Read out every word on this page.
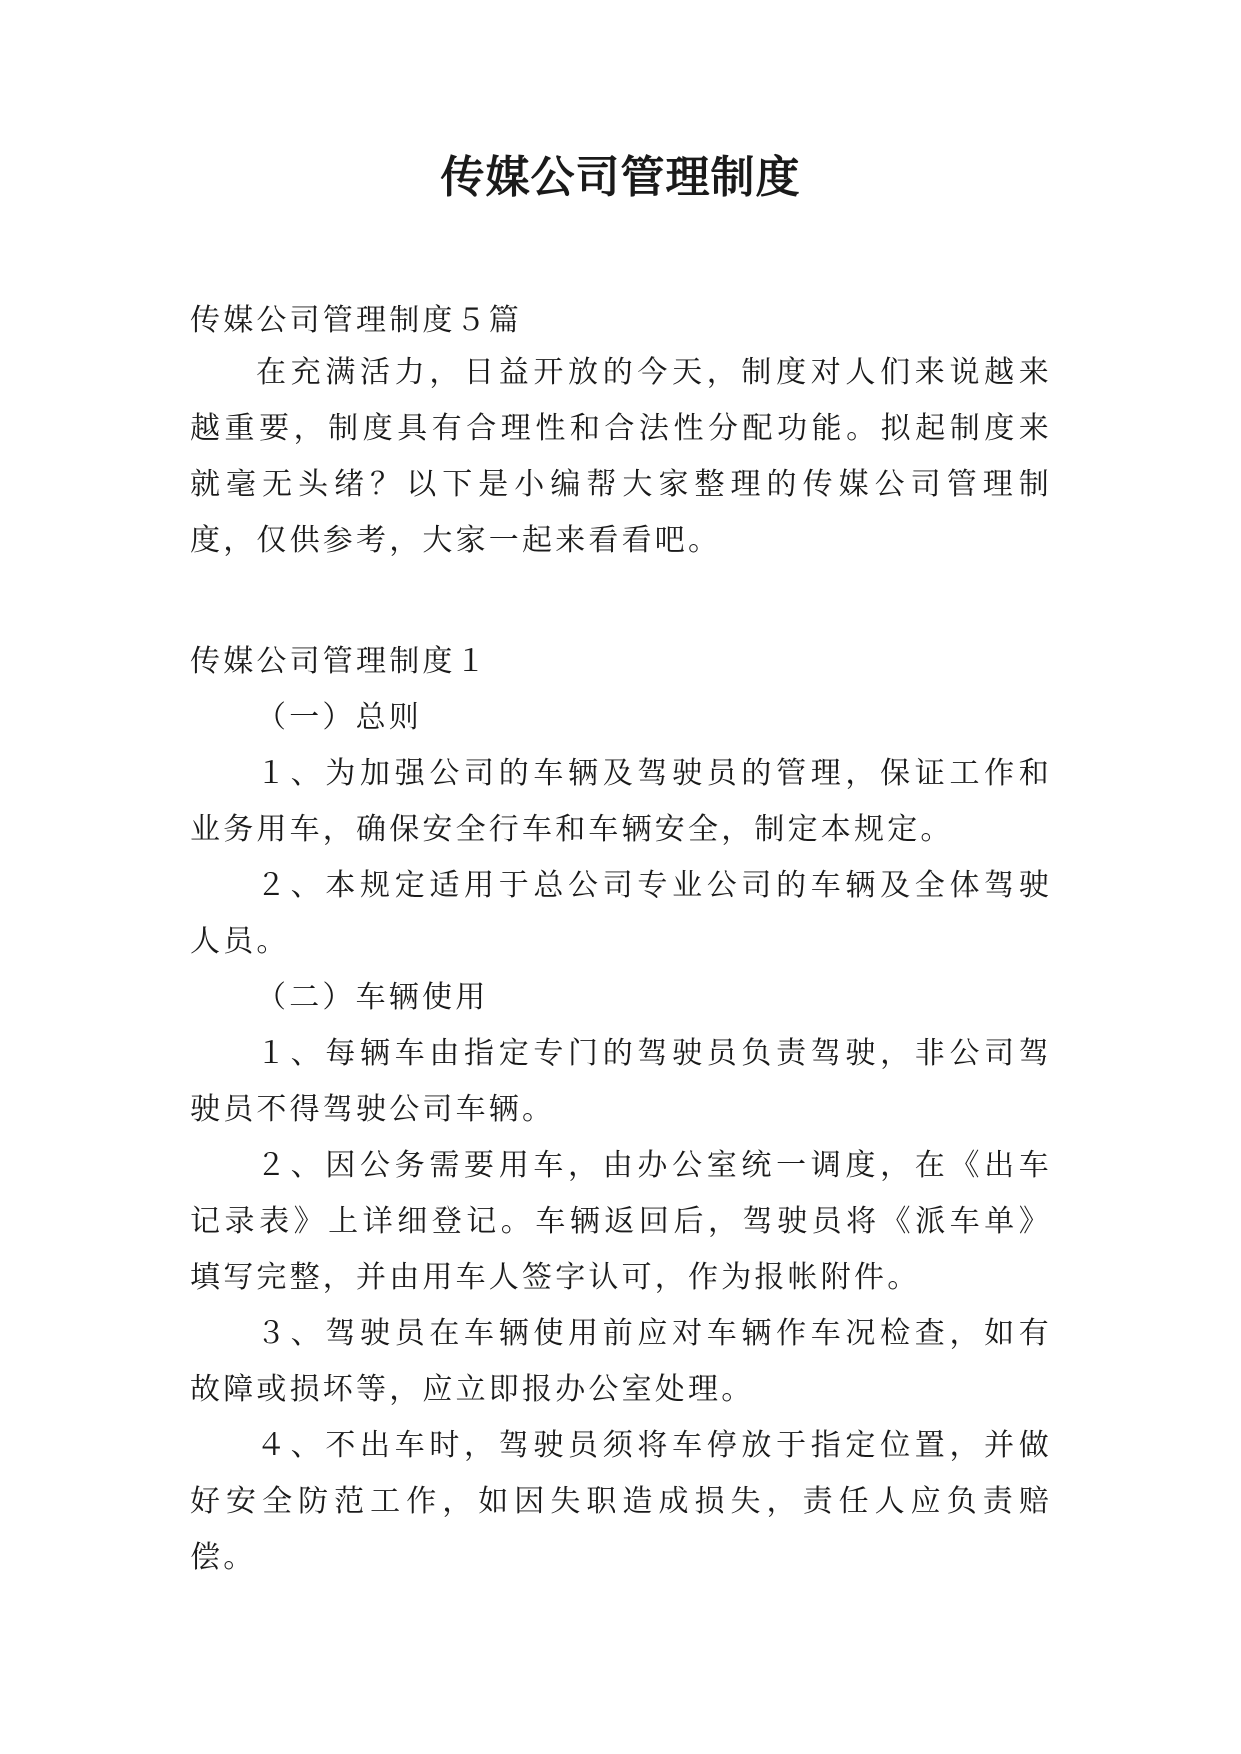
传媒公司管理制度

传媒公司管理制度５篇

在充满活力，日益开放的今天，制度对人们来说越来越重要，制度具有合理性和合法性分配功能。拟起制度来就毫无头绪？以下是小编帮大家整理的传媒公司管理制度，仅供参考，大家一起来看看吧。

传媒公司管理制度１

（一）总则

１、为加强公司的车辆及驾驶员的管理，保证工作和业务用车，确保安全行车和车辆安全，制定本规定。

２、本规定适用于总公司专业公司的车辆及全体驾驶人员。

（二）车辆使用

１、每辆车由指定专门的驾驶员负责驾驶，非公司驾驶员不得驾驶公司车辆。

２、因公务需要用车，由办公室统一调度，在《出车记录表》上详细登记。车辆返回后，驾驶员将《派车单》填写完整，并由用车人签字认可，作为报帐附件。

３、驾驶员在车辆使用前应对车辆作车况检查，如有故障或损坏等，应立即报办公室处理。

４、不出车时，驾驶员须将车停放于指定位置，并做好安全防范工作，如因失职造成损失，责任人应负责赔偿。
